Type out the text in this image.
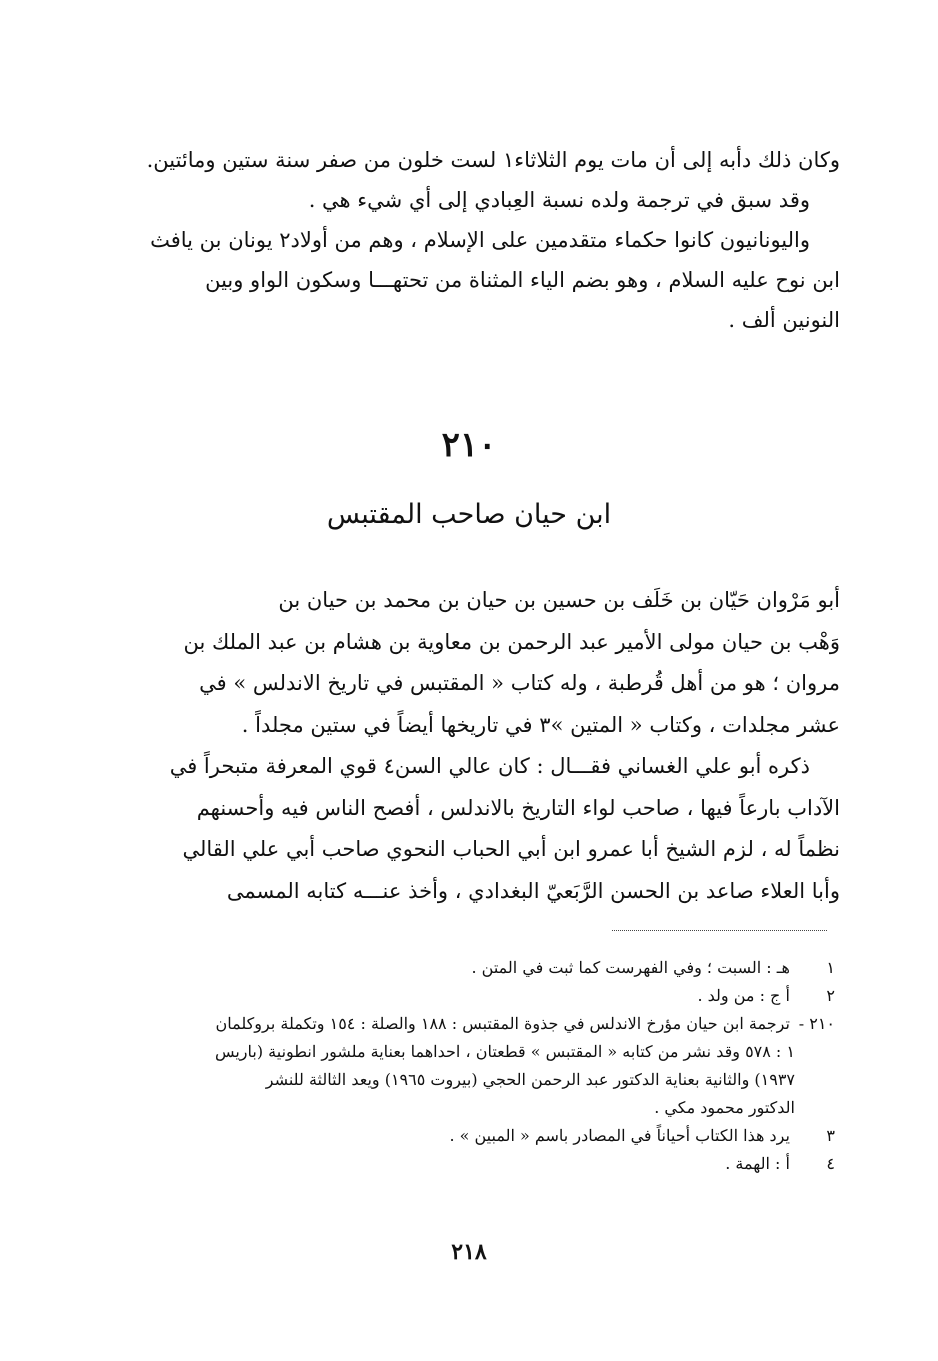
وكان ذلك دأبه إلى أن مات يوم الثلاثاء١ لست خلون من صفر سنة ستين ومائتين.
وقد سبق في ترجمة ولده نسبة العِبادي إلى أي شيء هي .
واليونانيون كانوا حكماء متقدمين على الإسلام ، وهم من أولاد٢ يونان بن يافث
ابن نوح عليه السلام ، وهو بضم الياء المثناة من تحتهـــا وسكون الواو وبين
النونين ألف .
٢١٠
ابن حيان صاحب المقتبس
أبو مَرْوان حَيّان بن خَلَف بن حسين بن حيان بن محمد بن حيان بن
وَهْب بن حيان مولى الأمير عبد الرحمن بن معاوية بن هشام بن عبد الملك بن
مروان ؛ هو من أهل قُرطبة ، وله كتاب « المقتبس في تاريخ الاندلس » في
عشر مجلدات ، وكتاب « المتين »٣ في تاريخها أيضاً في ستين مجلداً .
ذكره أبو علي الغساني فقـــال : كان عالي السن٤ قوي المعرفة متبحراً في
الآداب بارعاً فيها ، صاحب لواء التاريخ بالاندلس ، أفصح الناس فيه وأحسنهم
نظماً له ، لزم الشيخ أبا عمرو ابن أبي الحباب النحوي صاحب أبي علي القالي
وأبا العلاء صاعد بن الحسن الرَّبَعيّ البغدادي ، وأخذ عنـــه كتابه المسمى
١ هـ : السبت ؛ وفي الفهرست كما ثبت في المتن .
٢ أ ج : من ولد .
٢١٠ - ترجمة ابن حيان مؤرخ الاندلس في جذوة المقتبس : ١٨٨ والصلة : ١٥٤ وتكملة بروكلمان
١ : ٥٧٨ وقد نشر من كتابه « المقتبس » قطعتان ، احداهما بعناية ملشور انطونية (باريس
١٩٣٧) والثانية بعناية الدكتور عبد الرحمن الحجي (بيروت ١٩٦٥) ويعد الثالثة للنشر
الدكتور محمود مكي .
٣ يرد هذا الكتاب أحياناً في المصادر باسم « المبين » .
٤ أ : الهمة .
٢١٨
